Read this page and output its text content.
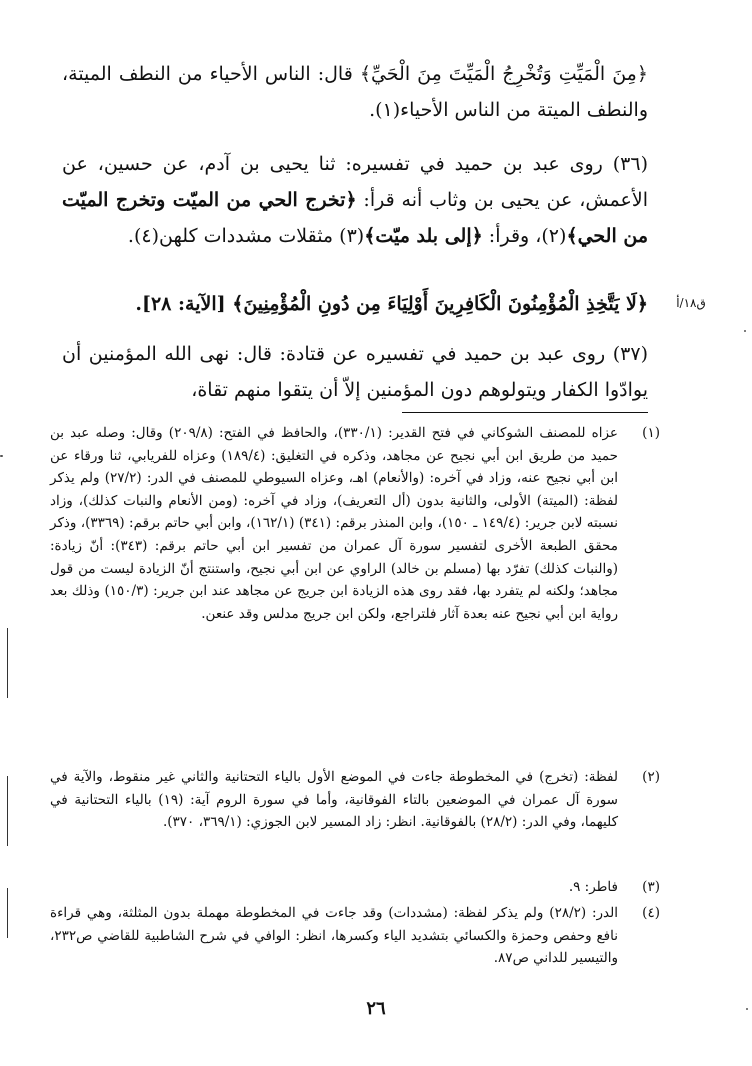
﴿مِنَ الْمَيِّتِ وَتُخْرِجُ الْمَيِّتَ مِنَ الْحَيِّ﴾ قال: الناس الأحياء من النطف الميتة، والنطف الميتة من الناس الأحياء(١).
(٣٦) روى عبد بن حميد في تفسيره: ثنا يحيى بن آدم، عن حسين، عن الأعمش، عن يحيى بن وثاب أنه قرأ: ﴿تخرج الحي من الميّت وتخرج الميّت من الحي﴾(٢)، وقرأ: ﴿إلى بلد ميّت﴾(٣) مثقلات مشددات كلهن(٤).
ق١٨/أ
﴿لَا يَتَّخِذِ الْمُؤْمِنُونَ الْكَافِرِينَ أَوْلِيَاءَ مِن دُونِ الْمُؤْمِنِينَ﴾ [الآية: ٢٨].
(٣٧) روى عبد بن حميد في تفسيره عن قتادة: قال: نهى الله المؤمنين أن يوادّوا الكفار ويتولوهم دون المؤمنين إلاّ أن يتقوا منهم تقاة،
(١)
عزاه للمصنف الشوكاني في فتح القدير: (٣٣٠/١)، والحافظ في الفتح: (٢٠٩/٨) وقال: وصله عبد بن حميد من طريق ابن أبي نجيح عن مجاهد، وذكره في التغليق: (١٨٩/٤) وعزاه للفريابي، ثنا ورقاء عن ابن أبي نجيح عنه، وزاد في آخره: (والأنعام) اهـ، وعزاه السيوطي للمصنف في الدر: (٢٧/٢) ولم يذكر لفظة: (الميتة) الأولى، والثانية بدون (أل التعريف)، وزاد في آخره: (ومن الأنعام والنبات كذلك)، وزاد نسبته لابن جرير: (١٤٩/٤ ـ ١٥٠)، وابن المنذر برقم: (٣٤١) (١٦٢/١)، وابن أبي حاتم برقم: (٣٣٦٩)، وذكر محقق الطبعة الأخرى لتفسير سورة آل عمران من تفسير ابن أبي حاتم برقم: (٣٤٣): أنّ زيادة: (والنبات كذلك) تفرّد بها (مسلم بن خالد) الراوي عن ابن أبي نجيح، واستنتج أنّ الزيادة ليست من قول مجاهد؛ ولكنه لم يتفرد بها، فقد روى هذه الزيادة ابن جريج عن مجاهد عند ابن جرير: (١٥٠/٣) وذلك بعد رواية ابن أبي نجيح عنه بعدة آثار فلتراجع، ولكن ابن جريج مدلس وقد عنعن.
(٢)
لفظة: (تخرج) في المخطوطة جاءت في الموضع الأول بالياء التحتانية والثاني غير منقوط، والآية في سورة آل عمران في الموضعين بالتاء الفوقانية، وأما في سورة الروم آية: (١٩) بالياء التحتانية في كليهما، وفي الدر: (٢٨/٢) بالفوقانية. انظر: زاد المسير لابن الجوزي: (٣٦٩/١، ٣٧٠).
(٣)
فاطر: ٩.
(٤)
الدر: (٢٨/٢) ولم يذكر لفظة: (مشددات) وقد جاءت في المخطوطة مهملة بدون المثلثة، وهي قراءة نافع وحفص وحمزة والكسائي بتشديد الياء وكسرها، انظر: الوافي في شرح الشاطبية للقاضي ص٢٣٢، والتيسير للداني ص٨٧.
٢٦
